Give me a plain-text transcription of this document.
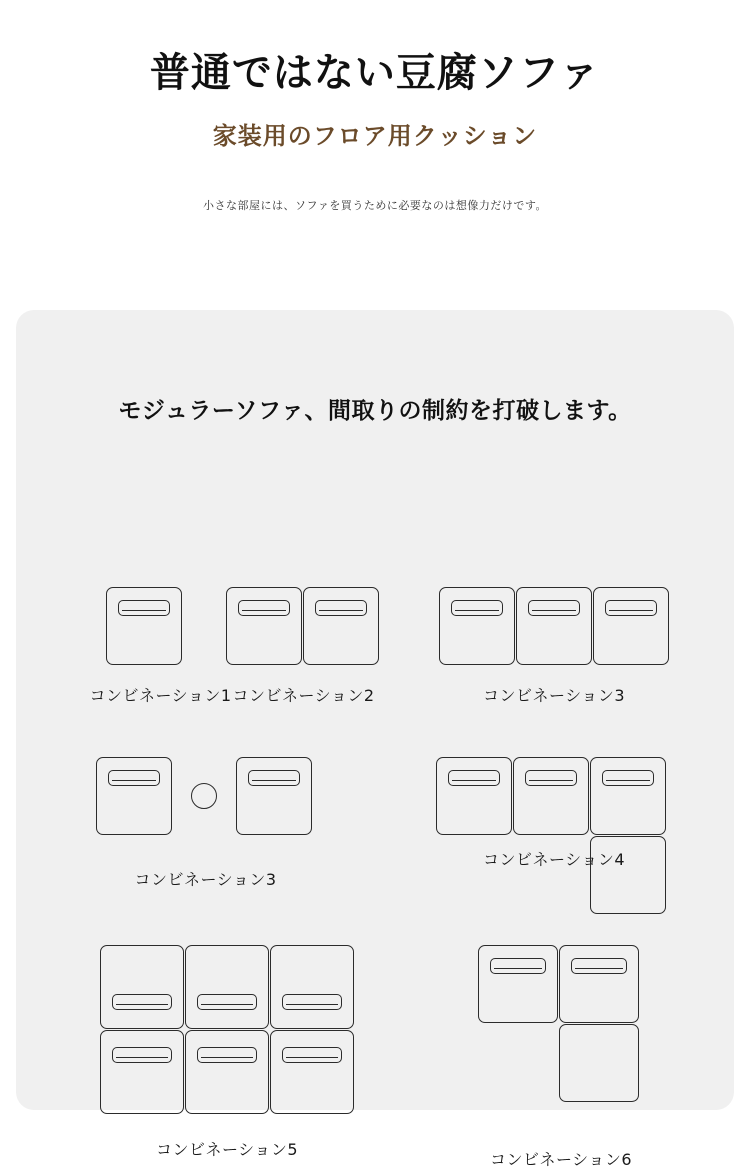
普通ではない豆腐ソファ
家装用のフロア用クッション
小さな部屋には、ソファを買うために必要なのは想像力だけです。
モジュラーソファ、間取りの制約を打破します。
コンビネーション1 コンビネーション2	コンビネーション3
コンビネーション3
コンビネーション4
コンビネーション5
コンビネーション6
